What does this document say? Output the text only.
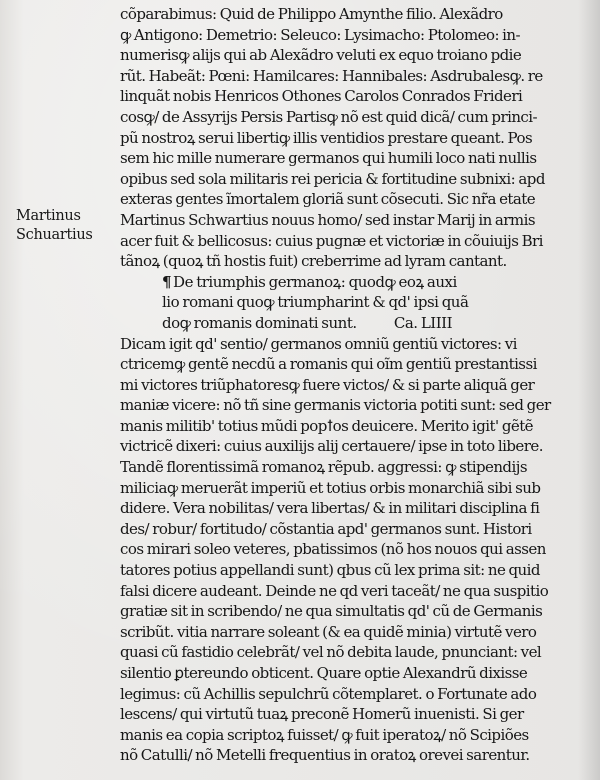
Martinus
Schuartius
cõparabimus: Quid de Philippo Amynthe filio. Alexãdro
ꝙ Antigono: Demetrio: Seleuco: Lysimacho: Ptolomeo: in-
numerisꝙ alijs qui ab Alexãdro veluti ex equo troiano pdie
rũt. Habeãt: Pœni: Hamilcares: Hannibales: Asdrubalesꝙ. re
linquãt nobis Henricos Othones Carolos Conrados Frideri
cosꝙ/ de Assyrijs Persis Partisꝙ nõ est quid dicã/ cum princi-
pũ nostroꝝ serui libertiꝙ illis ventidios prestare queant. Pos
sem hic mille numerare germanos qui humili loco nati nullis
opibus sed sola militaris rei pericia & fortitudine subnixi: apd
exteras gentes ĩmortalem gloriã sunt cõsecuti. Sic nr̃a etate
Martinus Schwartius nouus homo/ sed instar Marij in armis
acer fuit & bellicosus: cuius pugnæ et victoriæ in cõuiuijs Bri
tãnoꝝ (quoꝝ tñ hostis fuit) creberrime ad lyram cantant.
¶ De triumphis germanoꝝ: quodꝙ eoꝝ auxi
lio romani quoꝙ triumpharint & qd' ipsi quã
doꝙ romanis dominati sunt. Ca. LIIII
Dicam igit qd' sentio/ germanos omniũ gentiũ victores: vi
ctricemꝙ gentẽ necdũ a romanis qui oĩm gentiũ prestantissi
mi victores triũphatoresꝙ fuere victos/ & si parte aliquã ger
maniæ vicere: nõ tñ sine germanis victoria potiti sunt: sed ger
manis militib' totius mũdi popꝉos deuicere. Merito igit' gẽtẽ
victricẽ dixeri: cuius auxilijs alij certauere/ ipse in toto libere.
Tandẽ florentissimã romanoꝝ rẽpub. aggressi: ꝙ stipendijs
miliciaꝙ meruerãt imperiũ et totius orbis monarchiã sibi sub
didere. Vera nobilitas/ vera libertas/ & in militari disciplina fi
des/ robur/ fortitudo/ cõstantia apd' germanos sunt. Histori
cos mirari soleo veteres, pbatissimos (nõ hos nouos qui assen
tatores potius appellandi sunt) qbus cũ lex prima sit: ne quid
falsi dicere audeant. Deinde ne qd veri taceãt/ ne qua suspitio
gratiæ sit in scribendo/ ne qua simultatis qd' cũ de Germanis
scribũt. vitia narrare soleant (& ea quidẽ minia) virtutẽ vero
quasi cũ fastidio celebrãt/ vel nõ debita laude, pnunciant: vel
silentio ꝑtereundo obticent. Quare optie Alexandrũ dixisse
legimus: cũ Achillis sepulchrũ cõtemplaret. o Fortunate ado
lescens/ qui virtutũ tuaꝝ preconẽ Homerũ inuenisti. Si ger
manis ea copia scriptoꝝ fuisset/ ꝙ fuit iperatoꝝ/ nõ Scipiões
nõ Catulli/ nõ Metelli frequentius in oratoꝝ orevei sarentur.
